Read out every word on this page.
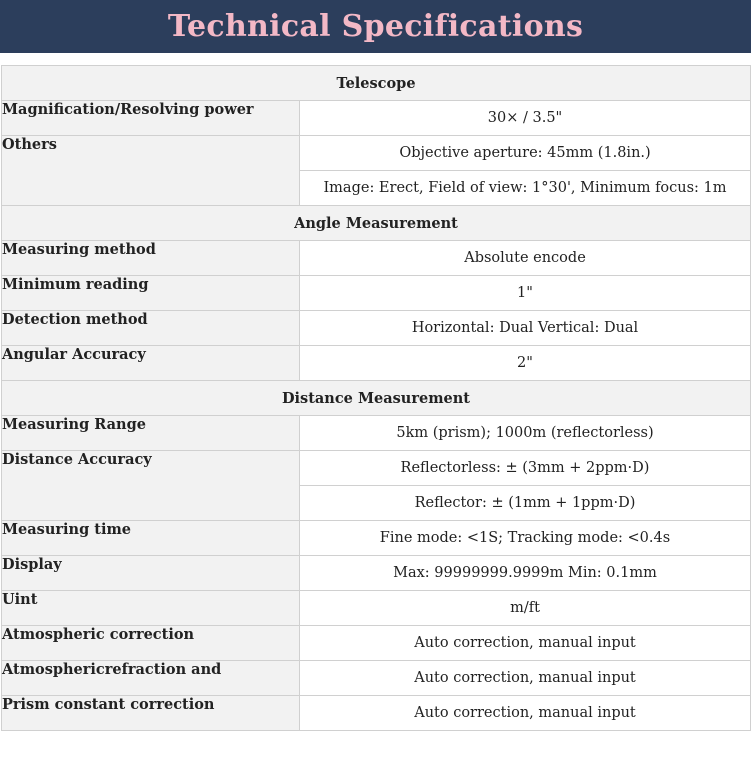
Technical Specifications
Telescope	
Magnification/Resolving power	30× / 3.5"
Others	Objective aperture: 45mm (1.8in.)
	Image: Erect, Field of view: 1°30', Minimum focus: 1m
Angle Measurement	
Measuring method	Absolute encode
Minimum reading	1"
Detection method	Horizontal: Dual Vertical: Dual
Angular Accuracy	2"
Distance Measurement	
Measuring Range	5km (prism); 1000m (reflectorless)
Distance Accuracy	Reflectorless: ± (3mm + 2ppm·D)
	Reflector: ± (1mm + 1ppm·D)
Measuring time	Fine mode: <1S; Tracking mode: <0.4s
Display	Max: 99999999.9999m Min: 0.1mm
Uint	m/ft
Atmospheric correction	Auto correction, manual input
Atmosphericrefraction and	Auto correction, manual input
Prism constant correction	Auto correction, manual input
